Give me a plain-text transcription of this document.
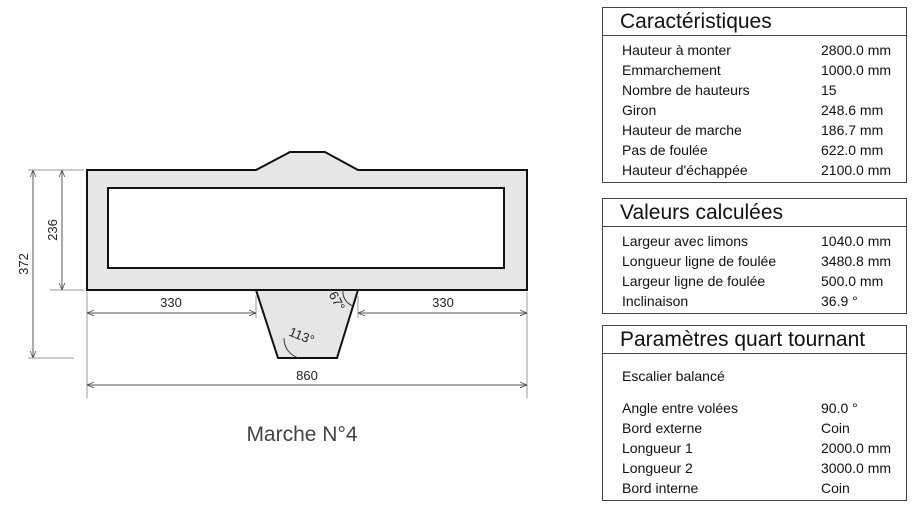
330	330
860
236
372
67°
113°
Marche N°4
Caractéristiques
Hauteur à monter	2800.0 mm
Emmarchement	1000.0 mm
Nombre de hauteurs	15
Giron	248.6 mm
Hauteur de marche	186.7 mm
Pas de foulée	622.0 mm
Hauteur d'échappée	2100.0 mm
Valeurs calculées
Largeur avec limons	1040.0 mm
Longueur ligne de foulée	3480.8 mm
Largeur ligne de foulée	500.0 mm
Inclinaison	36.9 °
Paramètres quart tournant
Escalier balancé
Angle entre volées	90.0 °
Bord externe	Coin
Longueur 1	2000.0 mm
Longueur 2	3000.0 mm
Bord interne	Coin
